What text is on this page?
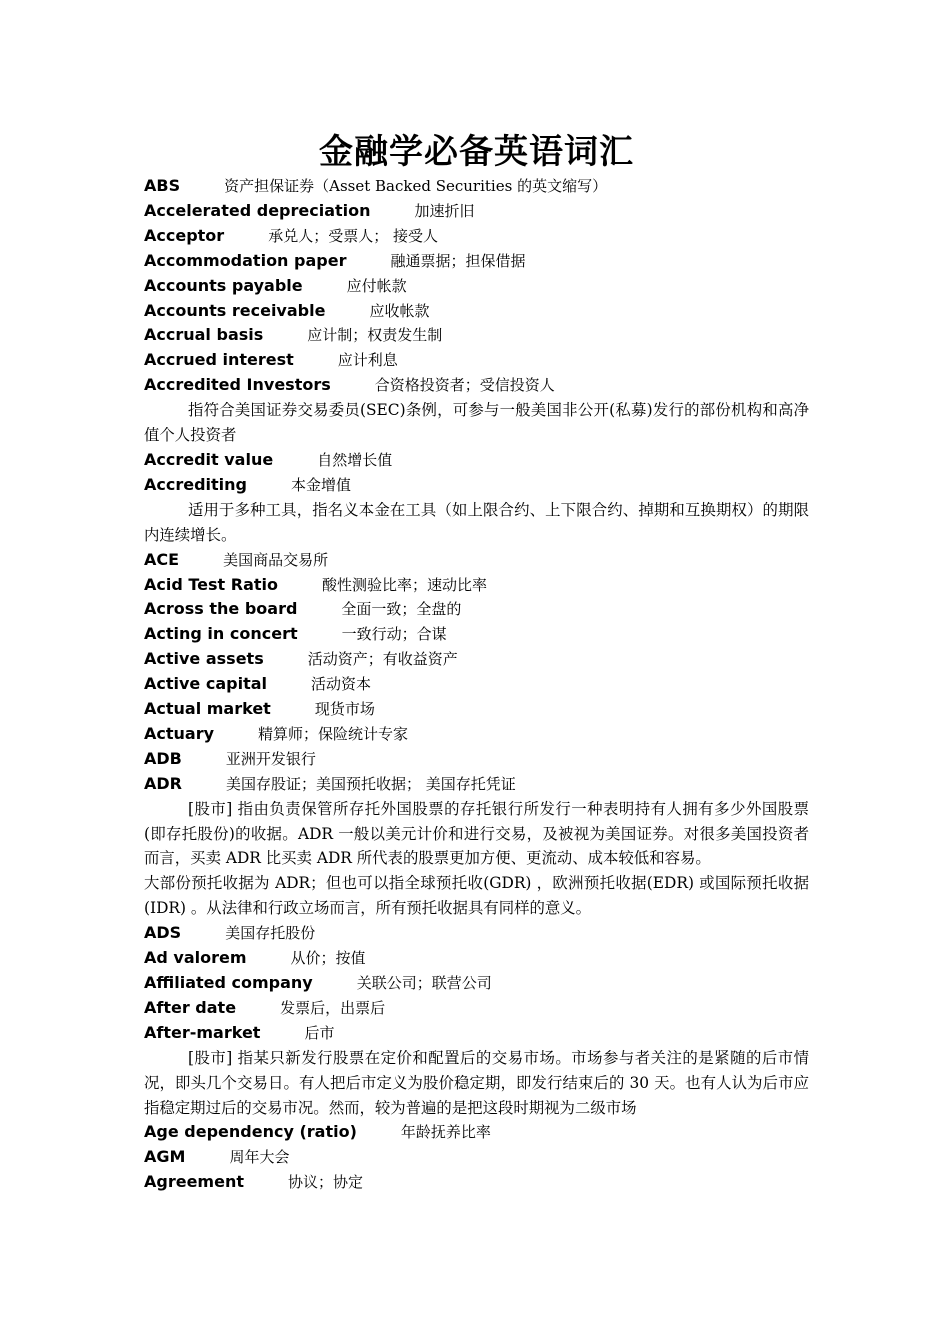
金融学必备英语词汇
ABS	资产担保证券（Asset Backed Securities 的英文缩写）
Accelerated depreciation	加速折旧
Acceptor	承兑人；受票人； 接受人
Accommodation paper	融通票据；担保借据
Accounts payable	应付帐款
Accounts receivable	应收帐款
Accrual basis	应计制；权责发生制
Accrued interest	应计利息
Accredited Investors	合资格投资者；受信投资人
指符合美国证券交易委员(SEC)条例，可参与一般美国非公开(私募)发行的部份机构和高净值个人投资者
Accredit value	自然增长值
Accrediting	本金增值
适用于多种工具，指名义本金在工具（如上限合约、上下限合约、掉期和互换期权）的期限内连续增长。
ACE	美国商品交易所
Acid Test Ratio	酸性测验比率；速动比率
Across the board	全面一致；全盘的
Acting in concert	一致行动；合谋
Active assets	活动资产；有收益资产
Active capital	活动资本
Actual market	现货市场
Actuary	精算师；保险统计专家
ADB	亚洲开发银行
ADR	美国存股证；美国预托收据； 美国存托凭证
[股市] 指由负责保管所存托外国股票的存托银行所发行一种表明持有人拥有多少外国股票(即存托股份)的收据。ADR 一般以美元计价和进行交易，及被视为美国证券。对很多美国投资者而言，买卖 ADR 比买卖 ADR 所代表的股票更加方便、更流动、成本较低和容易。
大部份预托收据为 ADR；但也可以指全球预托收(GDR) ，欧洲预托收据(EDR) 或国际预托收据(IDR) 。从法律和行政立场而言，所有预托收据具有同样的意义。
ADS	美国存托股份
Ad valorem	从价；按值
Affiliated company	关联公司；联营公司
After date	发票后，出票后
After-market	后市
[股市] 指某只新发行股票在定价和配置后的交易市场。市场参与者关注的是紧随的后市情况，即头几个交易日。有人把后市定义为股价稳定期，即发行结束后的 30 天。也有人认为后市应指稳定期过后的交易市况。然而，较为普遍的是把这段时期视为二级市场
Age dependency (ratio)	年龄抚养比率
AGM	周年大会
Agreement	协议；协定
